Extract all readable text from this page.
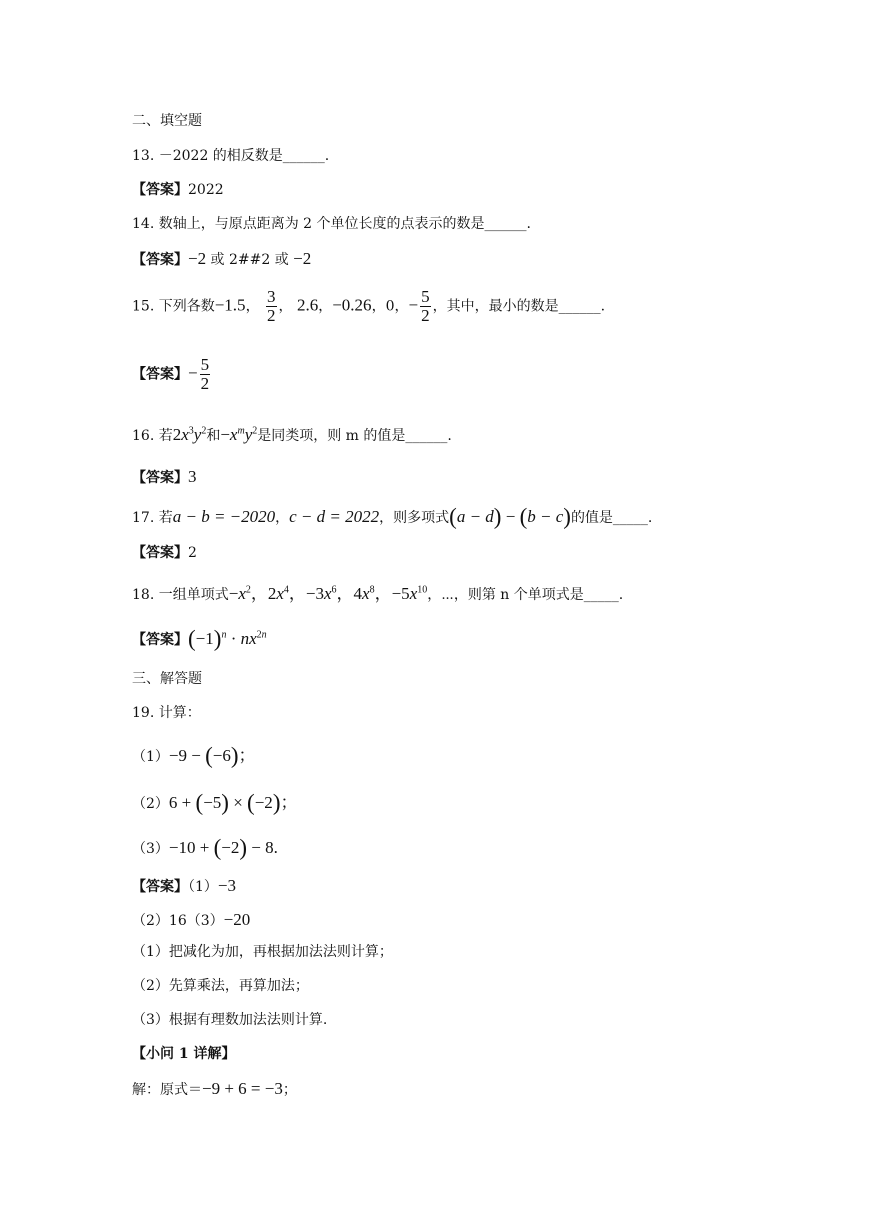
二、填空题
13. －2022 的相反数是______.
【答案】2022
14. 数轴上，与原点距离为 2 个单位长度的点表示的数是______.
【答案】−2 或 2##2 或 −2
15. 下列各数−1.5， $\frac{3}{2}$ ， 2.6，−0.26，0，− $\frac{5}{2}$ ，其中，最小的数是______.
【答案】− $\frac{5}{2}$
16. 若$2x^3y^2$和$-x^my^2$是同类项，则 m 的值是______.
【答案】3
17. 若a − b = −2020，c − d = 2022，则多项式(a − d) − (b − c)的值是_____.
【答案】2
18. 一组单项式$-x^2$，$2x^4$，$-3x^6$，$4x^8$，$-5x^{10}$，⋯，则第 n 个单项式是_____.
【答案】$(-1)^n \cdot nx^{2n}$
三、解答题
19. 计算：
（1）−9 − (−6)；
（2）6 + (−5) × (−2)；
（3）−10 + (−2) − 8.
【答案】（1）−3
（2）16（3）−20
（1）把减化为加，再根据加法法则计算；
（2）先算乘法，再算加法；
（3）根据有理数加法法则计算.
【小问 1 详解】
解：原式＝−9 + 6 = −3；
